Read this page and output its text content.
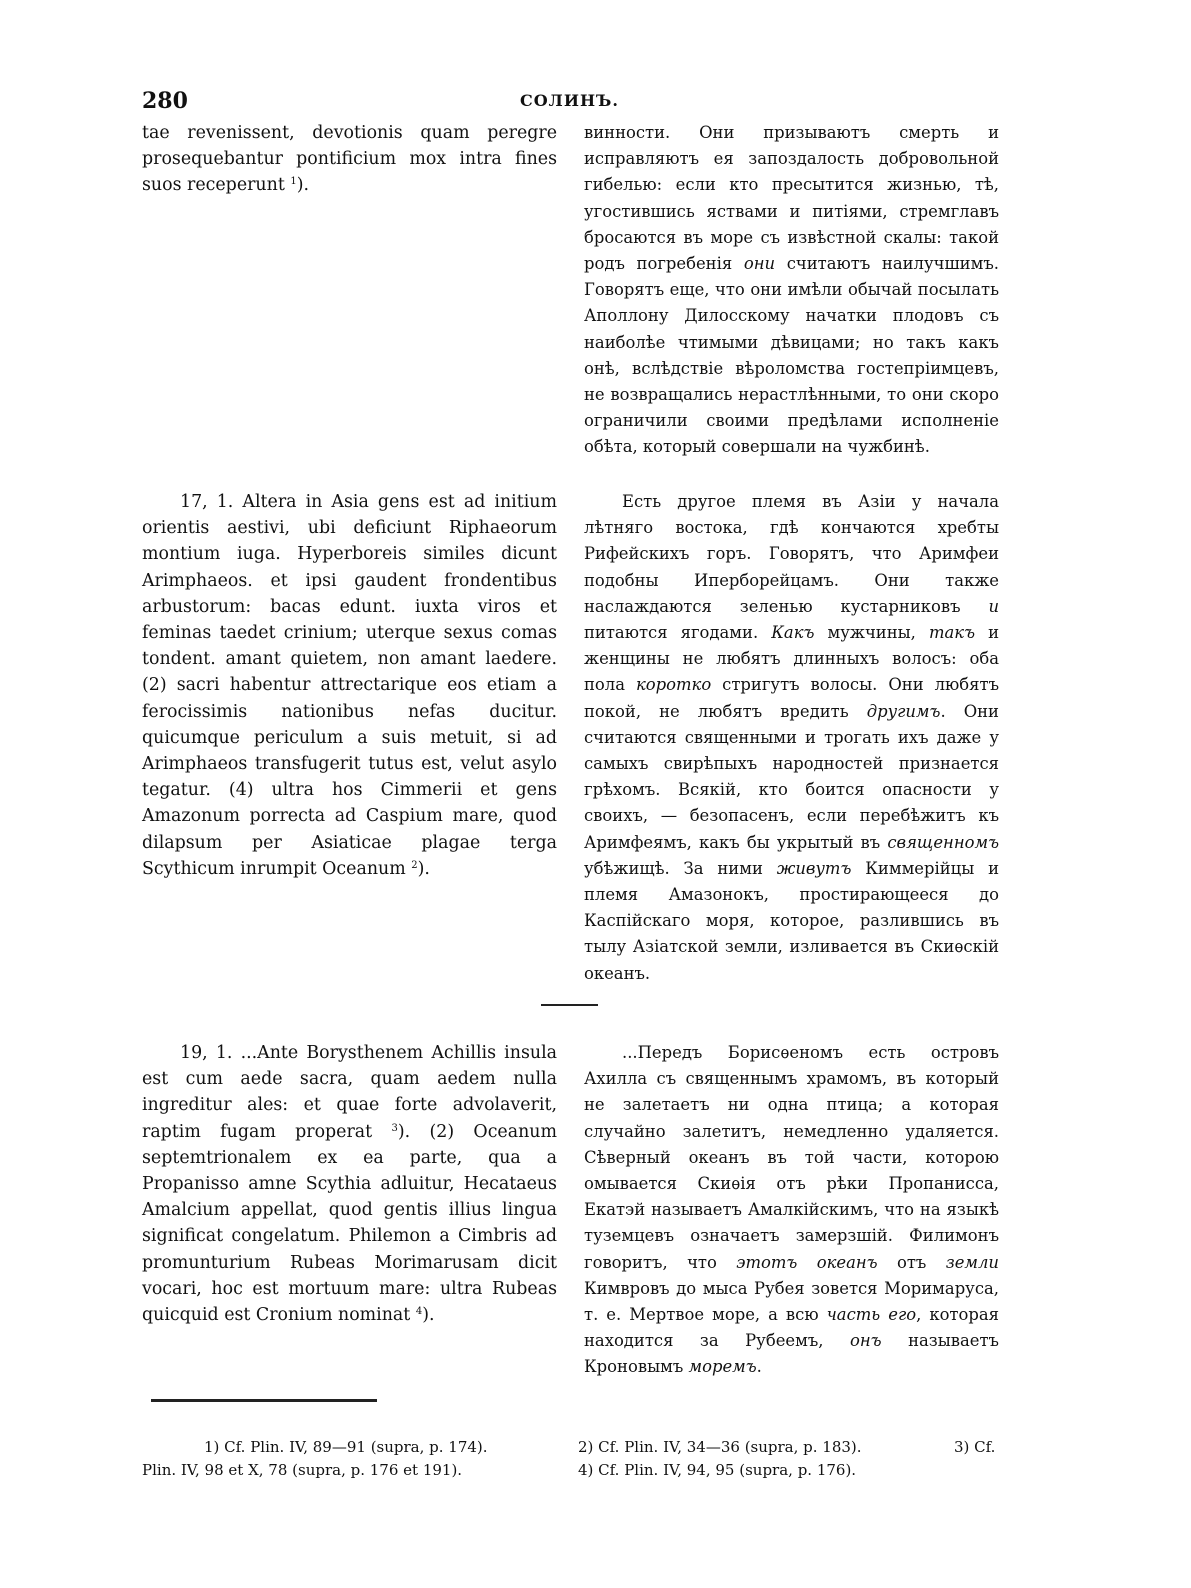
280	СОЛИНЪ.

tae revenissent, devotionis quam peregre prosequebantur pontificium mox intra fines suos receperunt $^1$).

винности. Они призываютъ смерть и исправляютъ ея запоздалость добровольной гибелью: если кто пресытится жизнью, тѣ, угостившись яствами и питіями, стремглавъ бросаются въ море съ извѣстной скалы: такой родъ погребенія они считаютъ наилучшимъ. Говорятъ еще, что они имѣли обычай посылать Аполлону Дилосскому начатки плодовъ съ наиболѣе чтимыми дѣвицами; но такъ какъ онѣ, вслѣдствіе вѣроломства гостепріимцевъ, не возвращались нерастлѣнными, то они скоро ограничили своими предѣлами исполненіе обѣта, который совершали на чужбинѣ.

17, 1. Altera in Asia gens est ad initium orientis aestivi, ubi deficiunt Riphaeorum montium iuga. Hyperboreis similes dicunt Arimphaeos. et ipsi gaudent frondentibus arbustorum: bacas edunt. iuxta viros et feminas taedet crinium; uterque sexus comas tondent. amant quietem, non amant laedere. (2) sacri habentur attrectarique eos etiam a ferocissimis nationibus nefas ducitur. quicumque periculum a suis metuit, si ad Arimphaeos transfugerit tutus est, velut asylo tegatur. (4) ultra hos Cimmerii et gens Amazonum porrecta ad Caspium mare, quod dilapsum per Asiaticae plagae terga Scythicum inrumpit Oceanum $^2$).

Есть другое племя въ Азіи у начала лѣтняго востока, гдѣ кончаются хребты Рифейскихъ горъ. Говорятъ, что Аримфеи подобны Иперборейцамъ. Они также наслаждаются зеленью кустарниковъ и питаются ягодами. Какъ мужчины, такъ и женщины не любятъ длинныхъ волосъ: оба пола коротко стригутъ волосы. Они любятъ покой, не любятъ вредить другимъ. Они считаются священными и трогать ихъ даже у самыхъ свирѣпыхъ народностей признается грѣхомъ. Всякій, кто боится опасности у своихъ, — безопасенъ, если перебѣжитъ къ Аримфеямъ, какъ бы укрытый въ священномъ убѣжищѣ. За ними живутъ Киммерійцы и племя Амазонокъ, простирающееся до Каспійскаго моря, которое, разлившись въ тылу Азіатской земли, изливается въ Скиѳскій океанъ.

19, 1. ...Ante Borysthenem Achillis insula est cum aede sacra, quam aedem nulla ingreditur ales: et quae forte advolaverit, raptim fugam properat $^3$). (2) Oceanum septemtrionalem ex ea parte, qua a Propanisso amne Scythia adluitur, Hecataeus Amalcium appellat, quod gentis illius lingua significat congelatum. Philemon a Cimbris ad promunturium Rubeas Morimarusam dicit vocari, hoc est mortuum mare: ultra Rubeas quicquid est Cronium nominat $^4$).

...Передъ Борисѳеномъ есть островъ Ахилла съ священнымъ храмомъ, въ который не залетаетъ ни одна птица; а которая случайно залетитъ, немедленно удаляется. Сѣверный океанъ въ той части, которою омывается Скиѳія отъ рѣки Пропанисса, Екатэй называетъ Амалкійскимъ, что на языкѣ туземцевъ означаетъ замерзшій. Филимонъ говоритъ, что этотъ океанъ отъ земли Кимвровъ до мыса Рубея зовется Моримаруса, т. е. Мертвое море, а всю часть его, которая находится за Рубеемъ, онъ называетъ Кроновымъ моремъ.

1) Cf. Plin. IV, 89—91 (supra, p. 174).	2) Cf. Plin. IV, 34—36 (supra, p. 183).	3) Cf.
Plin. IV, 98 et X, 78 (supra, p. 176 et 191).	4) Cf. Plin. IV, 94, 95 (supra, p. 176).
